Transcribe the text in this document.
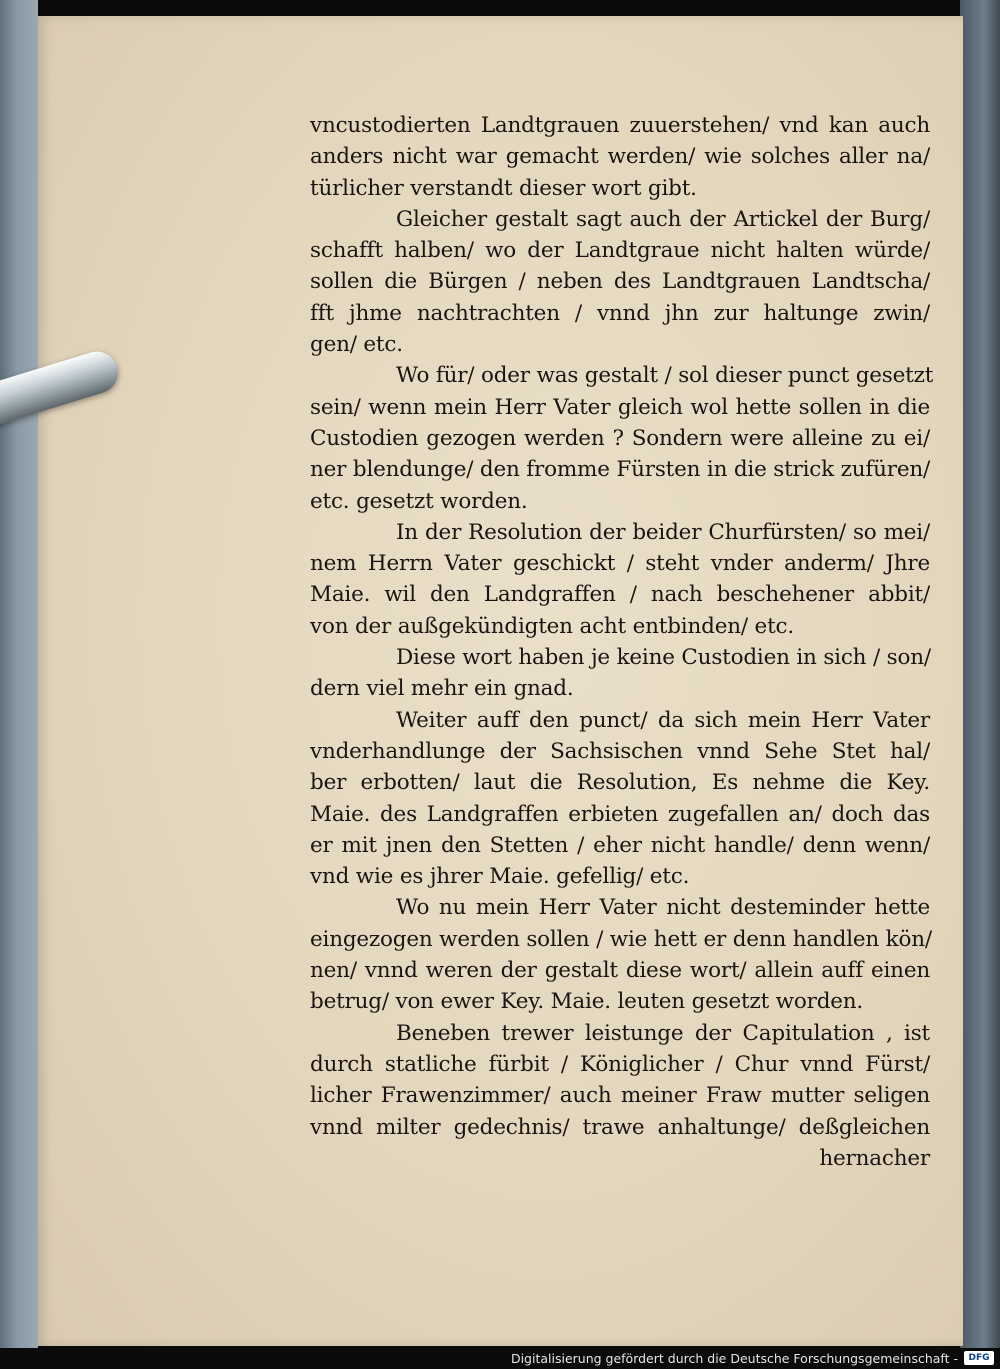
vncustodierten Landtgrauen zuuerstehen/ vnd kan auch
anders nicht war gemacht werden/ wie solches aller na/
türlicher verstandt dieser wort gibt.
Gleicher gestalt sagt auch der Artickel der Burg/
schafft halben/ wo der Landtgraue nicht halten würde/
sollen die Bürgen / neben des Landtgrauen Landtscha/
fft jhme nachtrachten / vnnd jhn zur haltunge zwin/
gen/ etc.
Wo für/ oder was gestalt / sol dieser punct gesetzt
sein/ wenn mein Herr Vater gleich wol hette sollen in die
Custodien gezogen werden ? Sondern were alleine zu ei/
ner blendunge/ den fromme Fürsten in die strick zufüren/
etc. gesetzt worden.
In der Resolution der beider Churfürsten/ so mei/
nem Herrn Vater geschickt / steht vnder anderm/ Jhre
Maie. wil den Landgraffen / nach beschehener abbit/
von der außgekündigten acht entbinden/ etc.
Diese wort haben je keine Custodien in sich / son/
dern viel mehr ein gnad.
Weiter auff den punct/ da sich mein Herr Vater
vnderhandlunge der Sachsischen vnnd Sehe Stet hal/
ber erbotten/ laut die Resolution, Es nehme die Key.
Maie. des Landgraffen erbieten zugefallen an/ doch das
er mit jnen den Stetten / eher nicht handle/ denn wenn/
vnd wie es jhrer Maie. gefellig/ etc.
Wo nu mein Herr Vater nicht desteminder hette
eingezogen werden sollen / wie hett er denn handlen kön/
nen/ vnnd weren der gestalt diese wort/ allein auff einen
betrug/ von ewer Key. Maie. leuten gesetzt worden.
Beneben trewer leistunge der Capitulation , ist
durch statliche fürbit / Königlicher / Chur vnnd Fürst/
licher Frawenzimmer/ auch meiner Fraw mutter seligen
vnnd milter gedechnis/ trawe anhaltunge/ deßgleichen
hernacher
Digitalisierung gefördert durch die Deutsche Forschungsgemeinschaft -	DFG
